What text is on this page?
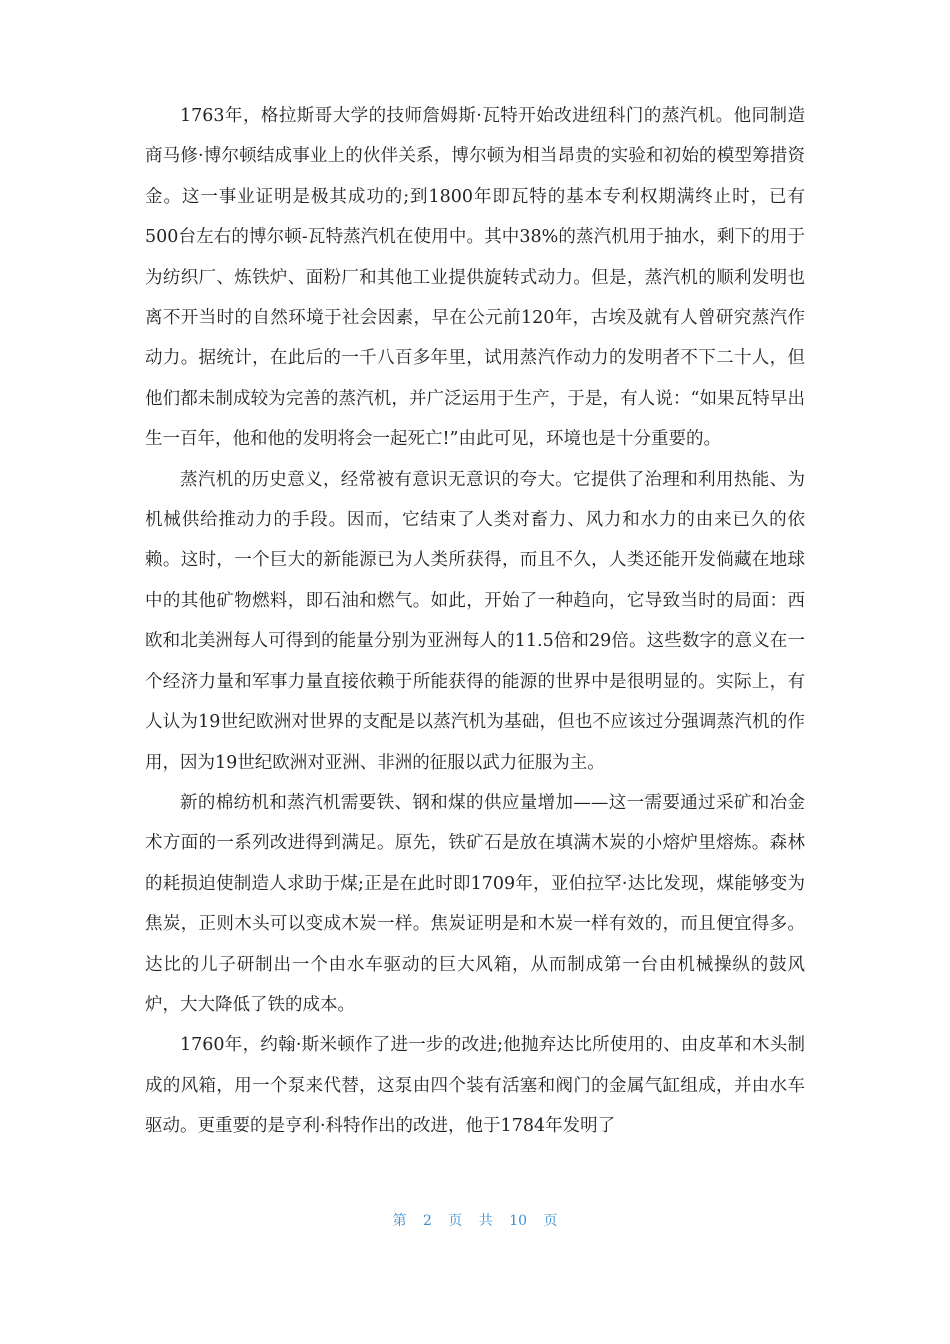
1763年，格拉斯哥大学的技师詹姆斯·瓦特开始改进纽科门的蒸汽机。他同制造商马修·博尔顿结成事业上的伙伴关系，博尔顿为相当昂贵的实验和初始的模型筹措资金。这一事业证明是极其成功的;到1800年即瓦特的基本专利权期满终止时，已有500台左右的博尔顿-瓦特蒸汽机在使用中。其中38%的蒸汽机用于抽水，剩下的用于为纺织厂、炼铁炉、面粉厂和其他工业提供旋转式动力。但是，蒸汽机的顺利发明也离不开当时的自然环境于社会因素，早在公元前120年，古埃及就有人曾研究蒸汽作动力。据统计，在此后的一千八百多年里，试用蒸汽作动力的发明者不下二十人，但他们都未制成较为完善的蒸汽机，并广泛运用于生产，于是，有人说：“如果瓦特早出生一百年，他和他的发明将会一起死亡!”由此可见，环境也是十分重要的。

蒸汽机的历史意义，经常被有意识无意识的夸大。它提供了治理和利用热能、为机械供给推动力的手段。因而，它结束了人类对畜力、风力和水力的由来已久的依赖。这时，一个巨大的新能源已为人类所获得，而且不久，人类还能开发倘藏在地球中的其他矿物燃料，即石油和燃气。如此，开始了一种趋向，它导致当时的局面：西欧和北美洲每人可得到的能量分别为亚洲每人的11.5倍和29倍。这些数字的意义在一个经济力量和军事力量直接依赖于所能获得的能源的世界中是很明显的。实际上，有人认为19世纪欧洲对世界的支配是以蒸汽机为基础，但也不应该过分强调蒸汽机的作用，因为19世纪欧洲对亚洲、非洲的征服以武力征服为主。

新的棉纺机和蒸汽机需要铁、钢和煤的供应量增加——这一需要通过采矿和冶金术方面的一系列改进得到满足。原先，铁矿石是放在填满木炭的小熔炉里熔炼。森林的耗损迫使制造人求助于煤;正是在此时即1709年，亚伯拉罕·达比发现，煤能够变为焦炭，正则木头可以变成木炭一样。焦炭证明是和木炭一样有效的，而且便宜得多。达比的儿子研制出一个由水车驱动的巨大风箱，从而制成第一台由机械操纵的鼓风炉，大大降低了铁的成本。

1760年，约翰·斯米顿作了进一步的改进;他抛弃达比所使用的、由皮革和木头制成的风箱，用一个泵来代替，这泵由四个装有活塞和阀门的金属气缸组成，并由水车驱动。更重要的是亨利·科特作出的改进，他于1784年发明了

第 2 页 共 10 页
